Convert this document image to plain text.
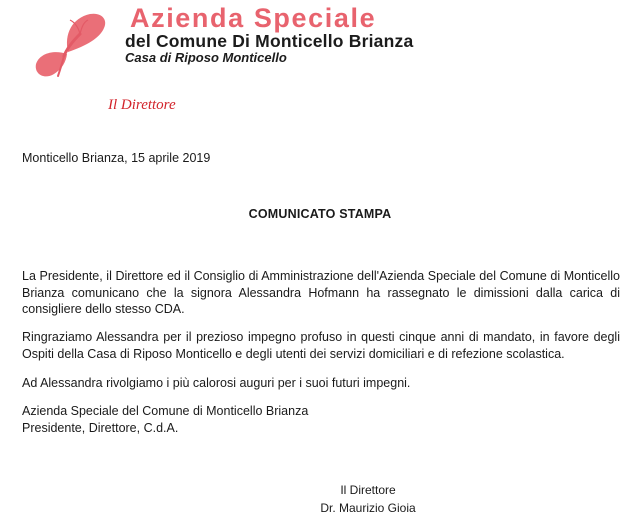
Azienda Speciale
del Comune Di Monticello Brianza
Casa di Riposo Monticello
Il Direttore
Monticello Brianza, 15 aprile 2019
COMUNICATO STAMPA

La Presidente, il Direttore ed il Consiglio di Amministrazione dell'Azienda Speciale del Comune di Monticello Brianza comunicano che la signora Alessandra Hofmann ha rassegnato le dimissioni dalla carica di consigliere dello stesso CDA.

Ringraziamo Alessandra per il prezioso impegno profuso in questi cinque anni di mandato, in favore degli Ospiti della Casa di Riposo Monticello e degli utenti dei servizi domiciliari e di refezione scolastica.

Ad Alessandra rivolgiamo i più calorosi auguri per i suoi futuri impegni.

Azienda Speciale del Comune di Monticello Brianza
Presidente, Direttore, C.d.A.
Il Direttore
Dr. Maurizio Gioia
